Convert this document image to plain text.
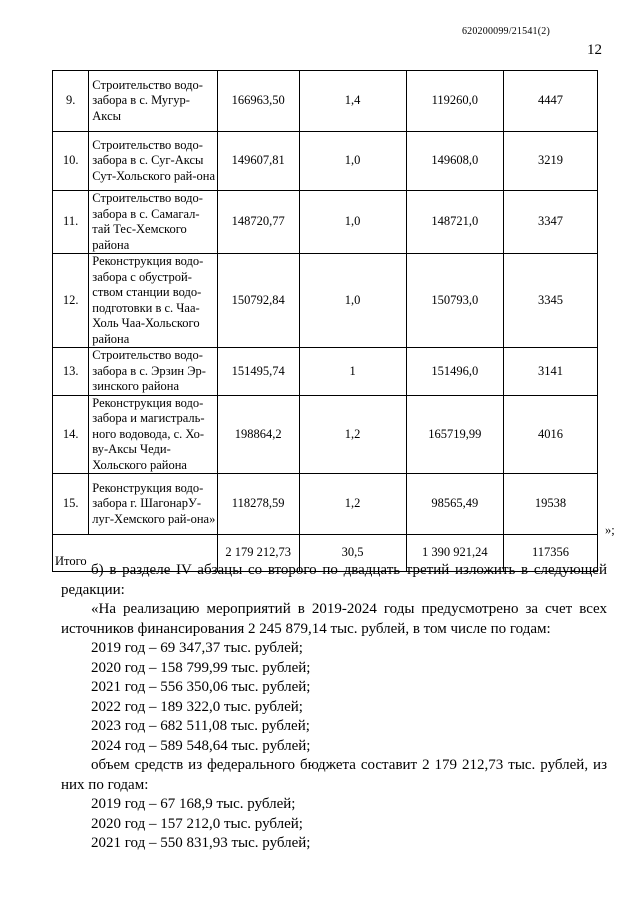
620200099/21541(2)
12
9.	Строительство водо-забора в с. Мугур-Аксы	166963,50	1,4	119260,0	4447
10.	Строительство водо-забора в с. Суг-Аксы Сут-Хольского рай-она	149607,81	1,0	149608,0	3219
11.	Строительство водо-забора в с. Самагал-тай Тес-Хемского района	148720,77	1,0	148721,0	3347
12.	Реконструкция водо-забора с обустрой-ством станции водо-подготовки в с. Чаа-Холь Чаа-Хольского района	150792,84	1,0	150793,0	3345
13.	Строительство водо-забора в с. Эрзин Эр-зинского района	151495,74	1	151496,0	3141
14.	Реконструкция водо-забора и магистраль-ного водовода, с. Хо-ву-Аксы Чеди-Хольского района	198864,2	1,2	165719,99	4016
15.	Реконструкция водо-забора г. ШагонарУ-луг-Хемского рай-она»	118278,59	1,2	98565,49	19538
Итого		2 179 212,73	30,5	1 390 921,24	117356
»;

б) в разделе IV абзацы со второго по двадцать третий изложить в следующей редакции:

«На реализацию мероприятий в 2019-2024 годы предусмотрено за счет всех источников финансирования 2 245 879,14 тыс. рублей, в том числе по годам:

2019 год – 69 347,37 тыс. рублей;

2020 год – 158 799,99 тыс. рублей;

2021 год – 556 350,06 тыс. рублей;

2022 год – 189 322,0 тыс. рублей;

2023 год – 682 511,08 тыс. рублей;

2024 год – 589 548,64 тыс. рублей;

объем средств из федерального бюджета составит 2 179 212,73 тыс. рублей, из них по годам:

2019 год – 67 168,9 тыс. рублей;

2020 год – 157 212,0 тыс. рублей;

2021 год – 550 831,93 тыс. рублей;
